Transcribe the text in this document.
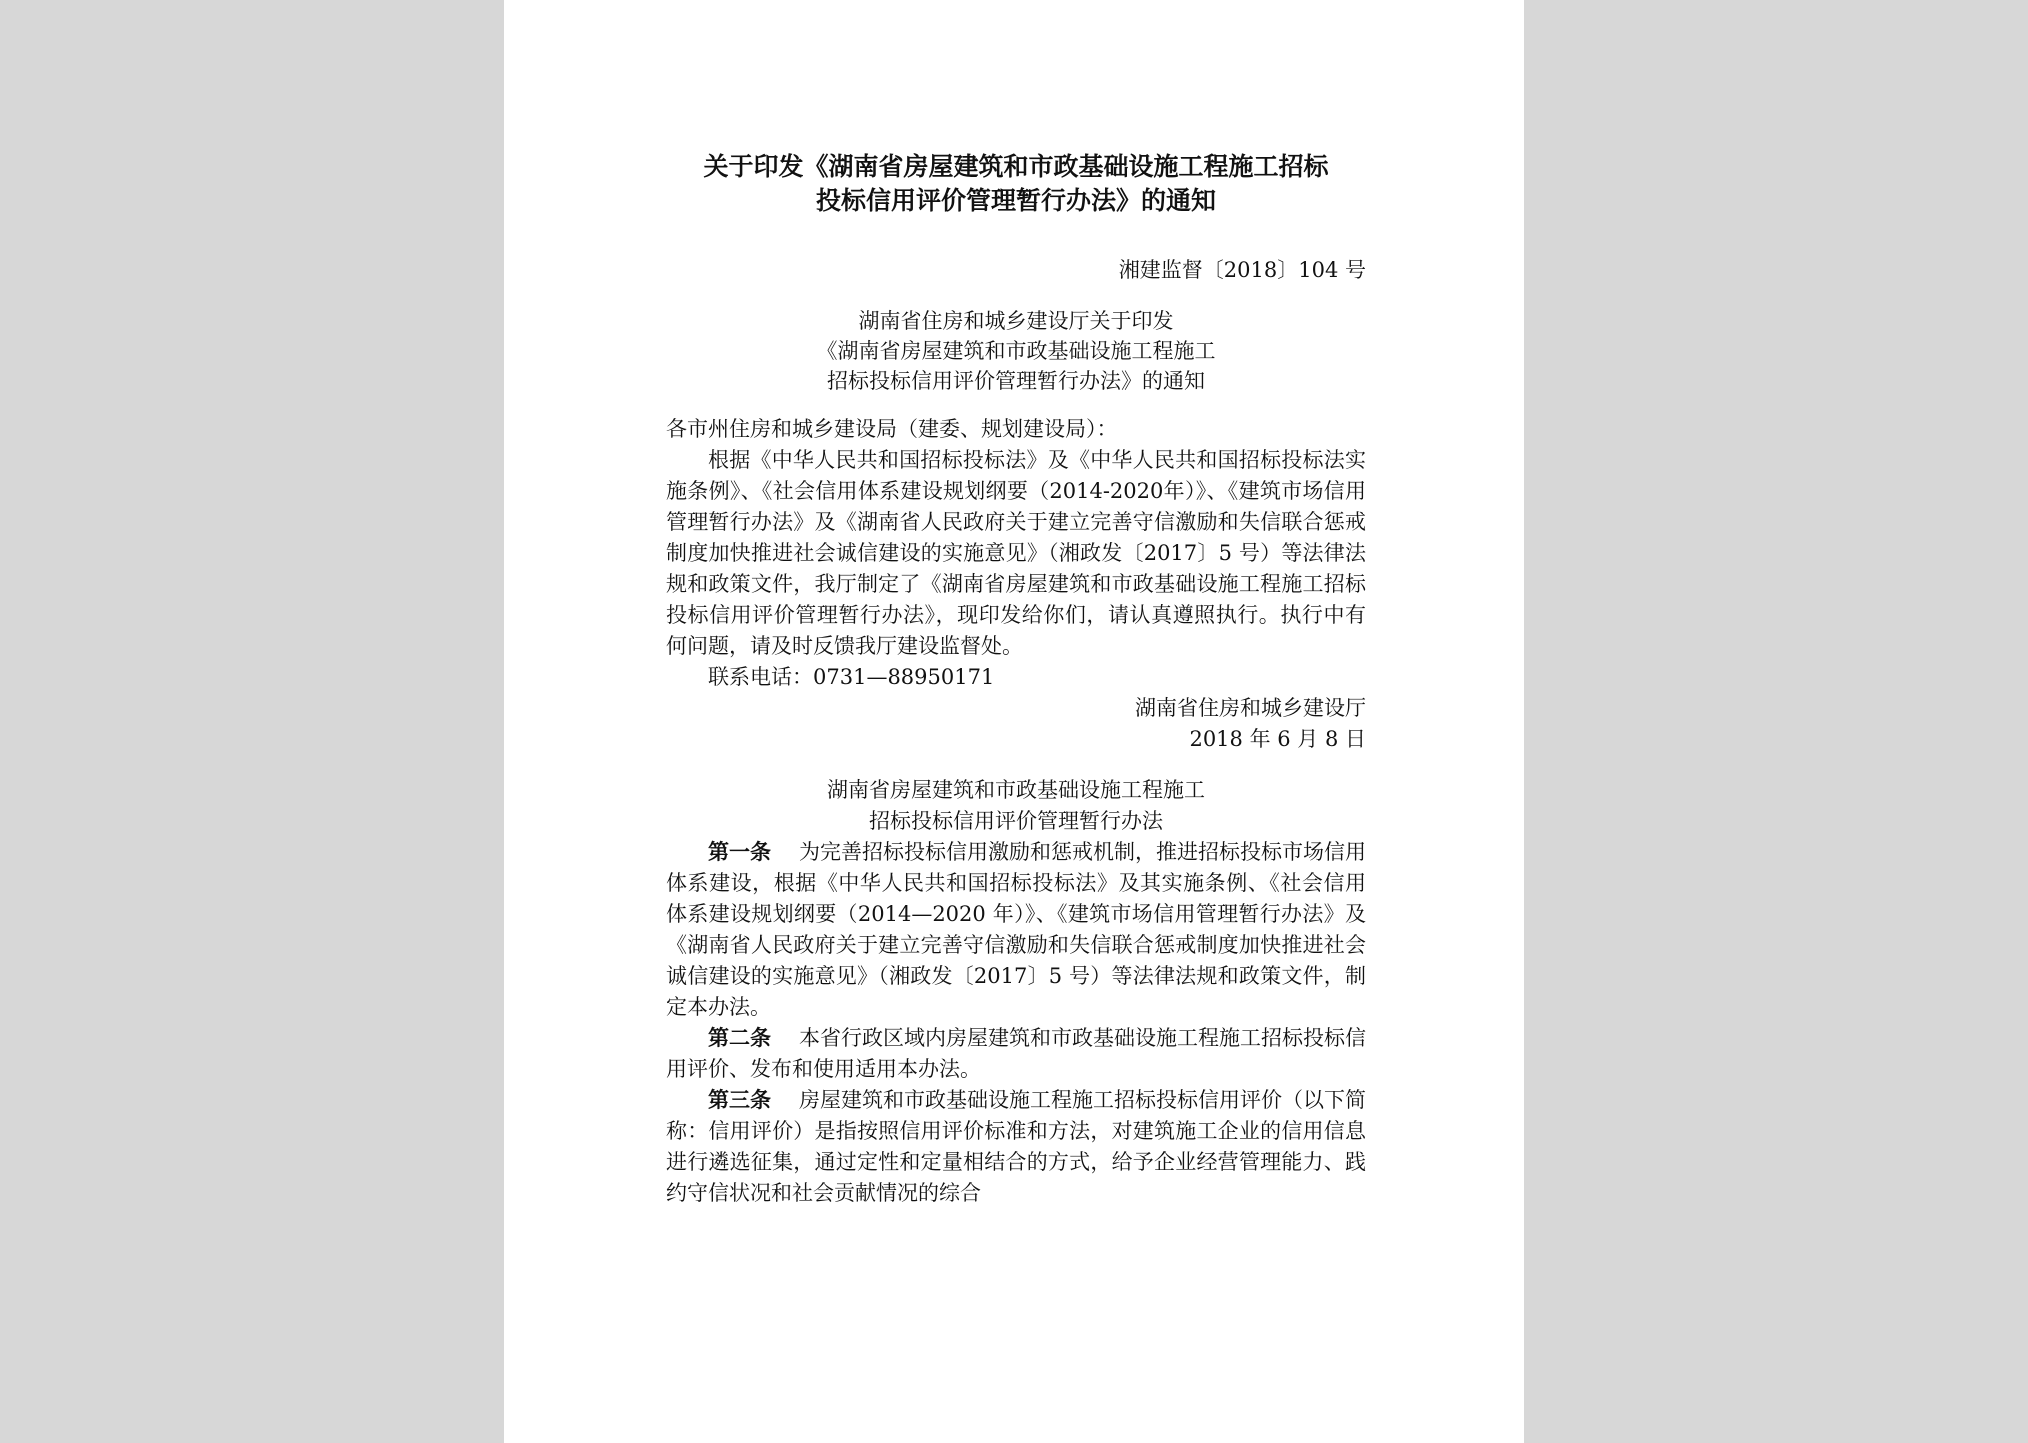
关于印发《湖南省房屋建筑和市政基础设施工程施工招标
投标信用评价管理暂行办法》的通知
湘建监督〔2018〕104 号
湖南省住房和城乡建设厅关于印发
《湖南省房屋建筑和市政基础设施工程施工
招标投标信用评价管理暂行办法》的通知
各市州住房和城乡建设局（建委、规划建设局）：
根据《中华人民共和国招标投标法》及《中华人民共和国招标投标法实施条例》、《社会信用体系建设规划纲要（2014-2020年）》、《建筑市场信用管理暂行办法》及《湖南省人民政府关于建立完善守信激励和失信联合惩戒制度加快推进社会诚信建设的实施意见》（湘政发〔2017〕5 号）等法律法规和政策文件，我厅制定了《湖南省房屋建筑和市政基础设施工程施工招标投标信用评价管理暂行办法》，现印发给你们，请认真遵照执行。执行中有何问题，请及时反馈我厅建设监督处。
联系电话：0731—88950171
湖南省住房和城乡建设厅
2018 年 6 月 8 日
湖南省房屋建筑和市政基础设施工程施工
招标投标信用评价管理暂行办法
第一条 为完善招标投标信用激励和惩戒机制，推进招标投标市场信用体系建设，根据《中华人民共和国招标投标法》及其实施条例、《社会信用体系建设规划纲要（2014—2020 年）》、《建筑市场信用管理暂行办法》及《湖南省人民政府关于建立完善守信激励和失信联合惩戒制度加快推进社会诚信建设的实施意见》（湘政发〔2017〕5 号）等法律法规和政策文件，制定本办法。
第二条 本省行政区域内房屋建筑和市政基础设施工程施工招标投标信用评价、发布和使用适用本办法。
第三条 房屋建筑和市政基础设施工程施工招标投标信用评价（以下简称：信用评价）是指按照信用评价标准和方法，对建筑施工企业的信用信息进行遴选征集，通过定性和定量相结合的方式，给予企业经营管理能力、践约守信状况和社会贡献情况的综合
